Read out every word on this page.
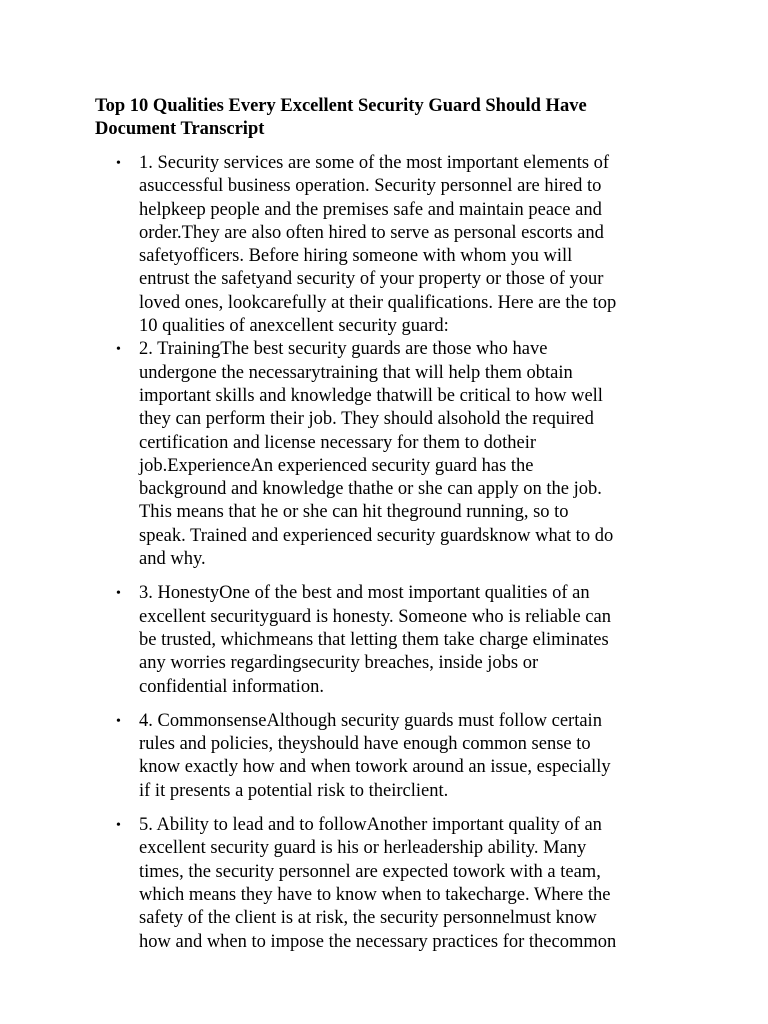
Top 10 Qualities Every Excellent Security Guard Should Have
Document Transcript
• 1. Security services are some of the most important elements of
asuccessful business operation. Security personnel are hired to
helpkeep people and the premises safe and maintain peace and
order.They are also often hired to serve as personal escorts and
safetyofficers. Before hiring someone with whom you will
entrust the safetyand security of your property or those of your
loved ones, lookcarefully at their qualifications. Here are the top
10 qualities of anexcellent security guard:
• 2. TrainingThe best security guards are those who have
undergone the necessarytraining that will help them obtain
important skills and knowledge thatwill be critical to how well
they can perform their job. They should alsohold the required
certification and license necessary for them to dotheir
job.ExperienceAn experienced security guard has the
background and knowledge thathe or she can apply on the job.
This means that he or she can hit theground running, so to
speak. Trained and experienced security guardsknow what to do
and why.
• 3. HonestyOne of the best and most important qualities of an
excellent securityguard is honesty. Someone who is reliable can
be trusted, whichmeans that letting them take charge eliminates
any worries regardingsecurity breaches, inside jobs or
confidential information.
• 4. CommonsenseAlthough security guards must follow certain
rules and policies, theyshould have enough common sense to
know exactly how and when towork around an issue, especially
if it presents a potential risk to theirclient.
• 5. Ability to lead and to followAnother important quality of an
excellent security guard is his or herleadership ability. Many
times, the security personnel are expected towork with a team,
which means they have to know when to takecharge. Where the
safety of the client is at risk, the security personnelmust know
how and when to impose the necessary practices for thecommon
